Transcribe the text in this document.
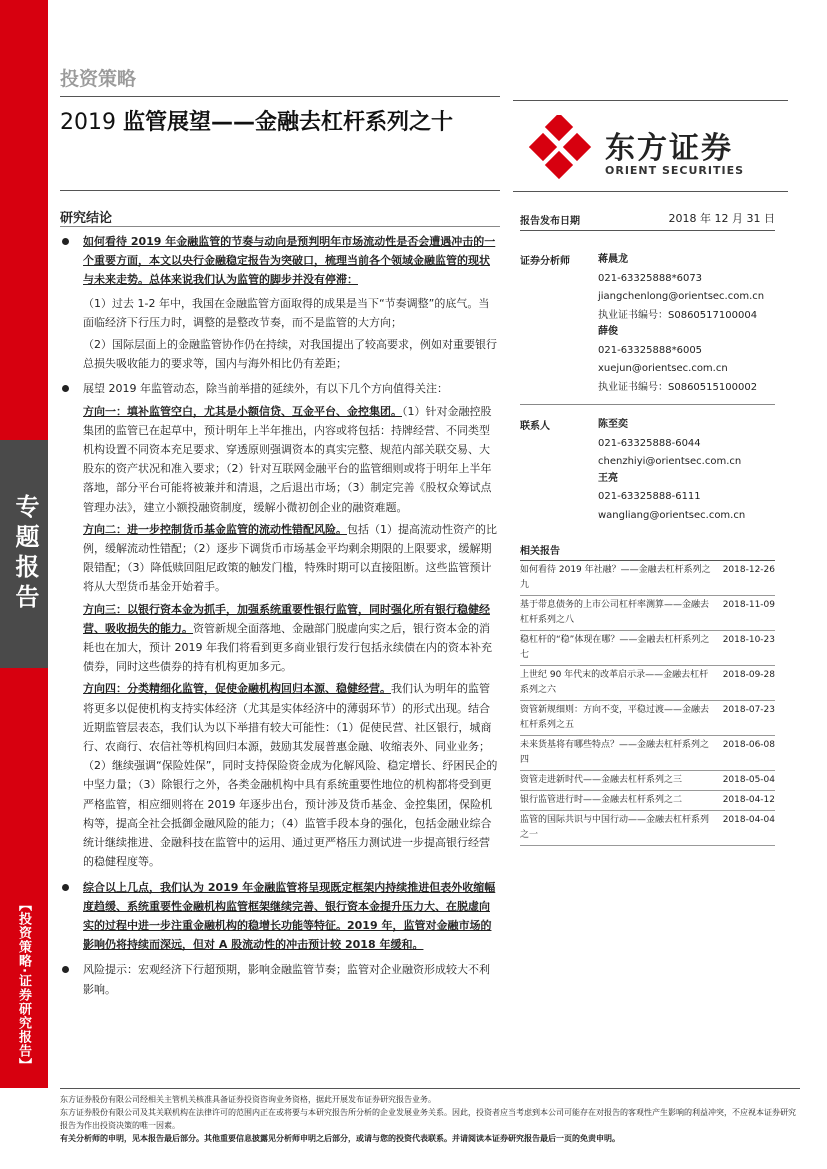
专题报告
【投资策略·证券研究报告】
投资策略
2019 监管展望——金融去杠杆系列之十
东方证券
ORIENT SECURITIES
研究结论

如何看待 2019 年金融监管的节奏与动向是预判明年市场流动性是否会遭遇冲击的一个重要方面，本文以央行金融稳定报告为突破口，梳理当前各个领域金融监管的现状与未来走势。总体来说我们认为监管的脚步并没有停滞：

（1）过去 1-2 年中，我国在金融监管方面取得的成果是当下“节奏调整”的底气。当面临经济下行压力时，调整的是整改节奏，而不是监管的大方向；

（2）国际层面上的金融监管协作仍在持续，对我国提出了较高要求，例如对重要银行总损失吸收能力的要求等，国内与海外相比仍有差距；

展望 2019 年监管动态，除当前举措的延续外，有以下几个方向值得关注：

方向一：填补监管空白，尤其是小额信贷、互金平台、金控集团。（1）针对金融控股集团的监管已在起草中，预计明年上半年推出，内容或将包括：持牌经营、不同类型机构设置不同资本充足要求、穿透原则强调资本的真实完整、规范内部关联交易、大股东的资产状况和准入要求；（2）针对互联网金融平台的监管细则或将于明年上半年落地，部分平台可能将被兼并和清退，之后退出市场；（3）制定完善《股权众筹试点管理办法》，建立小额投融资制度，缓解小微初创企业的融资难题。

方向二：进一步控制货币基金监管的流动性错配风险。包括（1）提高流动性资产的比例，缓解流动性错配；（2）逐步下调货币市场基金平均剩余期限的上限要求，缓解期限错配；（3）降低赎回阻尼政策的触发门槛，特殊时期可以直接阻断。这些监管预计将从大型货币基金开始着手。

方向三：以银行资本金为抓手，加强系统重要性银行监管，同时强化所有银行稳健经营、吸收损失的能力。资管新规全面落地、金融部门脱虚向实之后，银行资本金的消耗也在加大，预计 2019 年我们将看到更多商业银行发行包括永续债在内的资本补充债券，同时这些债券的持有机构更加多元。

方向四：分类精细化监管，促使金融机构回归本源、稳健经营。我们认为明年的监管将更多以促使机构支持实体经济（尤其是实体经济中的薄弱环节）的形式出现。结合近期监管层表态，我们认为以下举措有较大可能性：（1）促使民营、社区银行，城商行、农商行、农信社等机构回归本源，鼓励其发展普惠金融、收缩表外、同业业务；（2）继续强调“保险姓保”，同时支持保险资金成为化解风险、稳定增长、纾困民企的中坚力量；（3）除银行之外，各类金融机构中具有系统重要性地位的机构都将受到更严格监管，相应细则将在 2019 年逐步出台，预计涉及货币基金、金控集团，保险机构等，提高全社会抵御金融风险的能力；（4）监管手段本身的强化，包括金融业综合统计继续推进、金融科技在监管中的运用、通过更严格压力测试进一步提高银行经营的稳健程度等。

综合以上几点，我们认为 2019 年金融监管将呈现既定框架内持续推进但表外收缩幅度趋缓、系统重要性金融机构监管框架继续完善、银行资本金提升压力大、在脱虚向实的过程中进一步注重金融机构的稳增长功能等特征。2019 年，监管对金融市场的影响仍将持续而深远，但对 A 股流动性的冲击预计较 2018 年缓和。

风险提示：宏观经济下行超预期，影响金融监管节奏；监管对企业融资形成较大不利影响。

报告发布日期	2018 年 12 月 31 日
证券分析师	蒋晨龙
021-63325888*6073
jiangchenlong@orientsec.com.cn
执业证书编号：S0860517100004
薛俊
021-63325888*6005
xuejun@orientsec.com.cn
执业证书编号：S0860515100002
联系人	陈至奕
021-63325888-6044
chenzhiyi@orientsec.com.cn
王亮
021-63325888-6111
wangliang@orientsec.com.cn
相关报告
如何看待 2019 年社融？——金融去杠杆系列之九	2018-12-26
基于带息债务的上市公司杠杆率测算——金融去杠杆系列之八	2018-11-09
稳杠杆的“稳”体现在哪？——金融去杠杆系列之七	2018-10-23
上世纪 90 年代末的改革启示录——金融去杠杆系列之六	2018-09-28
资管新规细则：方向不变，平稳过渡——金融去杠杆系列之五	2018-07-23
未来货基将有哪些特点？——金融去杠杆系列之四	2018-06-08
资管走进新时代——金融去杠杆系列之三	2018-05-04
银行监管进行时——金融去杠杆系列之二	2018-04-12
监管的国际共识与中国行动——金融去杠杆系列之一	2018-04-04
东方证券股份有限公司经相关主管机关核准具备证券投资咨询业务资格，据此开展发布证券研究报告业务。
东方证券股份有限公司及其关联机构在法律许可的范围内正在或将要与本研究报告所分析的企业发展业务关系。因此，投资者应当考虑到本公司可能存在对报告的客观性产生影响的利益冲突，不应视本证券研究报告为作出投资决策的唯一因素。
有关分析师的申明，见本报告最后部分。其他重要信息披露见分析师申明之后部分，或请与您的投资代表联系。并请阅读本证券研究报告最后一页的免责申明。
